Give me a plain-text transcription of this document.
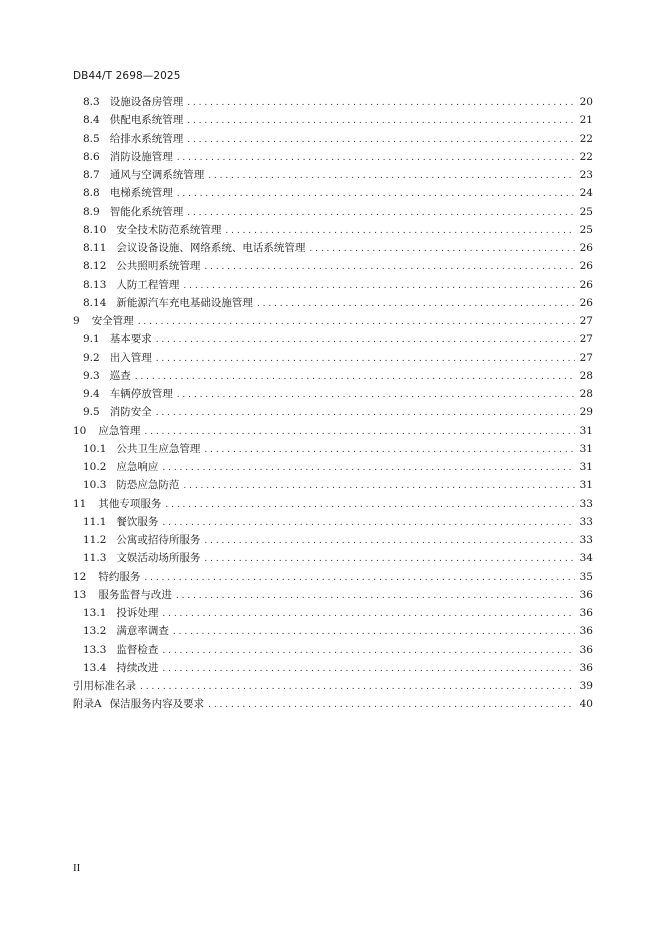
DB44/T 2698—2025
8.3 设施设备房管理 . . .	20
8.4 供配电系统管理 . . .	21
8.5 给排水系统管理 . . .	22
8.6 消防设施管理 . . .	22
8.7 通风与空调系统管理 . . .	23
8.8 电梯系统管理 . . .	24
8.9 智能化系统管理 . . .	25
8.10 安全技术防范系统管理 . . .	25
8.11 会议设备设施、网络系统、电话系统管理 . . .	26
8.12 公共照明系统管理 . . .	26
8.13 人防工程管理 . . .	26
8.14 新能源汽车充电基础设施管理 . . .	26
9 安全管理 . . .	27
9.1 基本要求 . . .	27
9.2 出入管理 . . .	27
9.3 巡查 . . .	28
9.4 车辆停放管理 . . .	28
9.5 消防安全 . . .	29
10 应急管理 . . .	31
10.1 公共卫生应急管理 . . .	31
10.2 应急响应 . . .	31
10.3 防恐应急防范 . . .	31
11 其他专项服务 . . .	33
11.1 餐饮服务 . . .	33
11.2 公寓或招待所服务 . . .	33
11.3 文娱活动场所服务 . . .	34
12 特约服务 . . .	35
13 服务监督与改进 . . .	36
13.1 投诉处理 . . .	36
13.2 满意率调查 . . .	36
13.3 监督检查 . . .	36
13.4 持续改进 . . .	36
引用标准名录 . . .	39
附录A 保洁服务内容及要求 . . .	40
II
